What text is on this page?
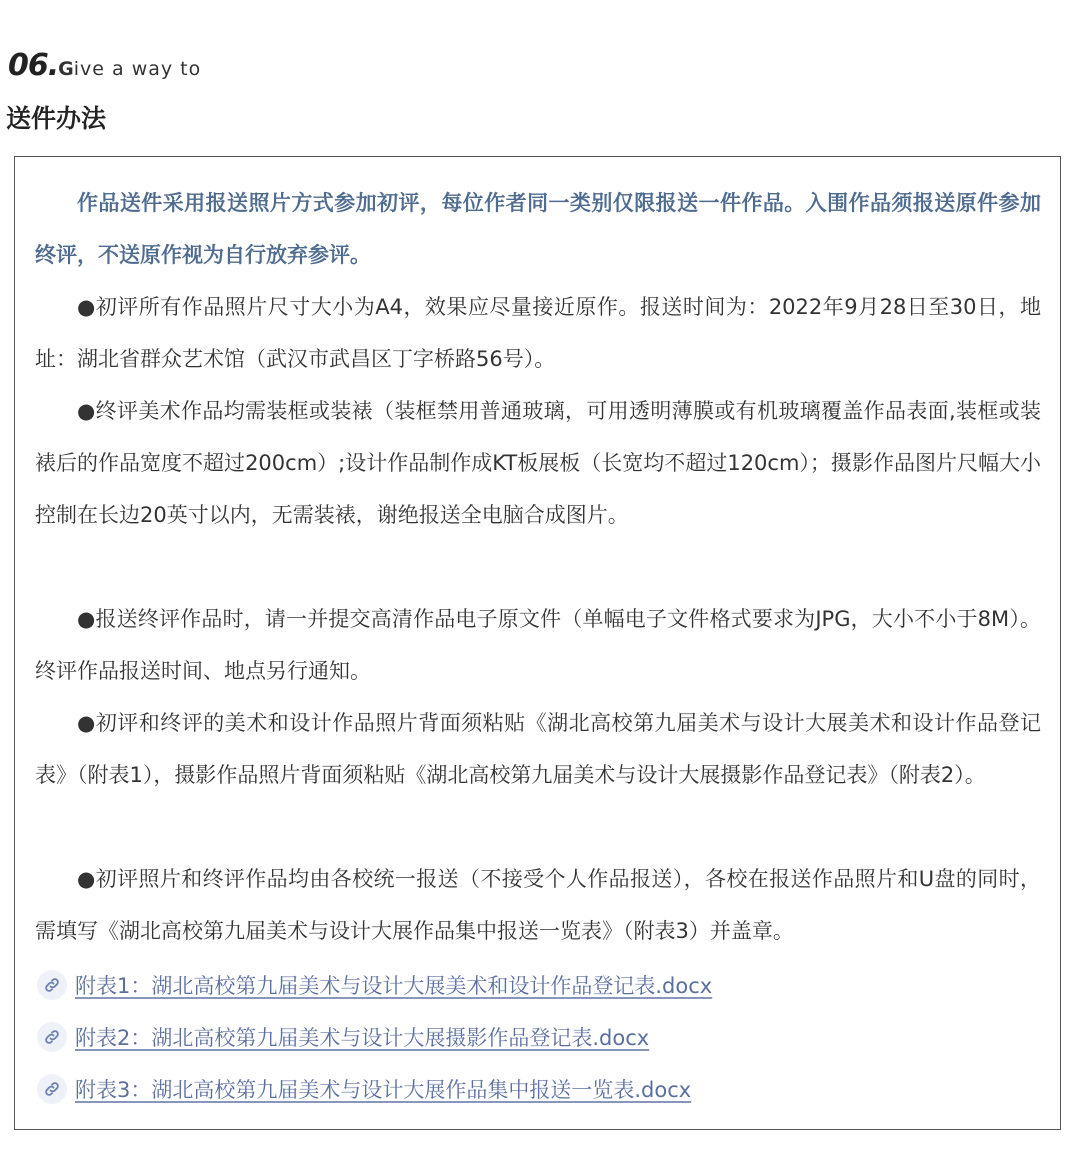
06. G ive a way to
送件办法

作品送件采用报送照片方式参加初评，每位作者同一类别仅限报送一件作品。入围作品须报送原件参加终评，不送原作视为自行放弃参评。

●初评所有作品照片尺寸大小为A4，效果应尽量接近原作。报送时间为：2022年9月28日至30日，地址：湖北省群众艺术馆（武汉市武昌区丁字桥路56号）。

●终评美术作品均需装框或装裱（装框禁用普通玻璃，可用透明薄膜或有机玻璃覆盖作品表面,装框或装裱后的作品宽度不超过200cm）;设计作品制作成KT板展板（长宽均不超过120cm）；摄影作品图片尺幅大小控制在长边20英寸以内，无需装裱，谢绝报送全电脑合成图片。

●报送终评作品时，请一并提交高清作品电子原文件（单幅电子文件格式要求为JPG，大小不小于8M）。终评作品报送时间、地点另行通知。

●初评和终评的美术和设计作品照片背面须粘贴《湖北高校第九届美术与设计大展美术和设计作品登记表》（附表1），摄影作品照片背面须粘贴《湖北高校第九届美术与设计大展摄影作品登记表》（附表2）。

●初评照片和终评作品均由各校统一报送（不接受个人作品报送），各校在报送作品照片和U盘的同时，需填写《湖北高校第九届美术与设计大展作品集中报送一览表》（附表3）并盖章。

附表1：湖北高校第九届美术与设计大展美术和设计作品登记表.docx
附表2：湖北高校第九届美术与设计大展摄影作品登记表.docx
附表3：湖北高校第九届美术与设计大展作品集中报送一览表.docx
